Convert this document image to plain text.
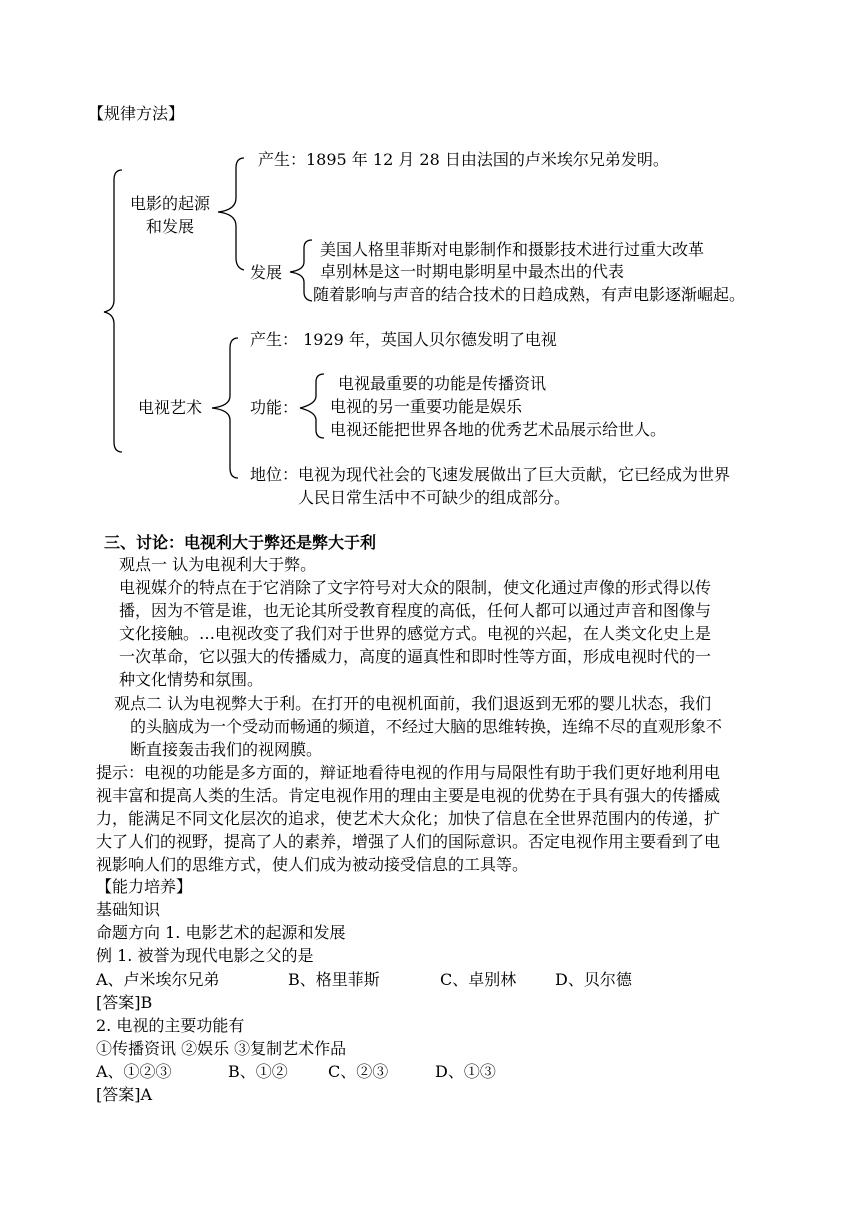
【规律方法】
电影的起源
和发展
产生：1895 年 12 月 28 日由法国的卢米埃尔兄弟发明。
发展
美国人格里菲斯对电影制作和摄影技术进行过重大改革
卓别林是这一时期电影明星中最杰出的代表
随着影响与声音的结合技术的日趋成熟，有声电影逐渐崛起。
电视艺术
产生： 1929 年，英国人贝尔德发明了电视
功能：
电视最重要的功能是传播资讯
电视的另一重要功能是娱乐
电视还能把世界各地的优秀艺术品展示给世人。
地位：电视为现代社会的飞速发展做出了巨大贡献，它已经成为世界
人民日常生活中不可缺少的组成部分。
三、讨论：电视利大于弊还是弊大于利
观点一 认为电视利大于弊。
电视媒介的特点在于它消除了文字符号对大众的限制，使文化通过声像的形式得以传
播，因为不管是谁，也无论其所受教育程度的高低，任何人都可以通过声音和图像与
文化接触。…电视改变了我们对于世界的感觉方式。电视的兴起，在人类文化史上是
一次革命，它以强大的传播威力，高度的逼真性和即时性等方面，形成电视时代的一
种文化情势和氛围。
观点二 认为电视弊大于利。在打开的电视机面前，我们退返到无邪的婴儿状态，我们
的头脑成为一个受动而畅通的频道，不经过大脑的思维转换，连绵不尽的直观形象不
断直接轰击我们的视网膜。
提示：电视的功能是多方面的，辩证地看待电视的作用与局限性有助于我们更好地利用电
视丰富和提高人类的生活。肯定电视作用的理由主要是电视的优势在于具有强大的传播威
力，能满足不同文化层次的追求，使艺术大众化；加快了信息在全世界范围内的传递，扩
大了人们的视野，提高了人的素养，增强了人们的国际意识。否定电视作用主要看到了电
视影响人们的思维方式，使人们成为被动接受信息的工具等。
【能力培养】
基础知识
命题方向 1. 电影艺术的起源和发展
例 1. 被誉为现代电影之父的是
A、卢米埃尔兄弟	B、格里菲斯	C、卓别林 D、贝尔德
[答案]B
2. 电视的主要功能有
①传播资讯 ②娱乐 ③复制艺术作品
A、①②③	B、①②	C、②③	D、①③
[答案]A
